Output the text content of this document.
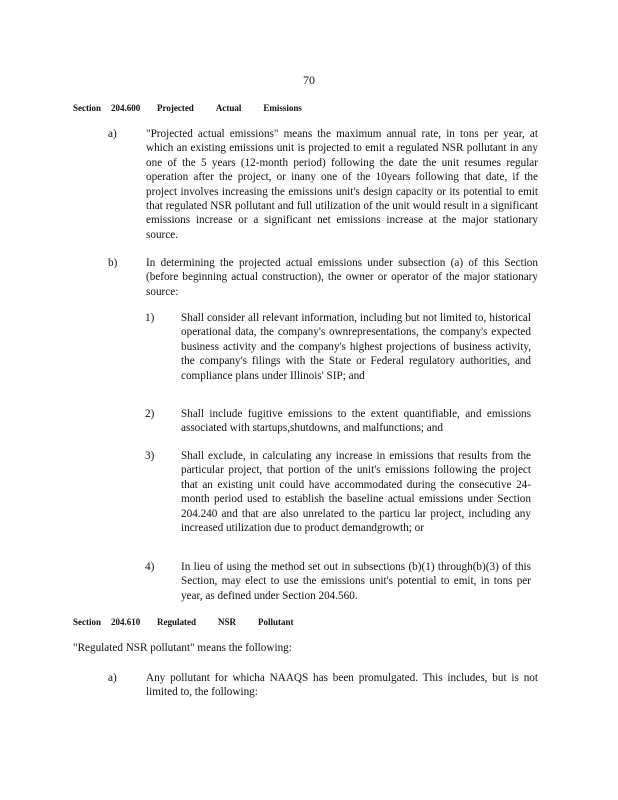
70
Section 204.600 Projected Actual Emissions
a)	"Projected actual emissions" means the maximum annual rate, in tons per year, at which an existing emissions unit is projected to emit a regulated NSR pollutant in any one of the 5 years (12-month period) following the date the unit resumes regular operation after the project, or inany one of the 10years following that date, if the project involves increasing the emissions unit's design capacity or its potential to emit that regulated NSR pollutant and full utilization of the unit would result in a significant emissions increase or a significant net emissions increase at the major stationary source.
b)	In determining the projected actual emissions under subsection (a) of this Section (before beginning actual construction), the owner or operator of the major stationary source:
1) Shall consider all relevant information, including but not limited to, historical operational data, the company's ownrepresentations, the company's expected business activity and the company's highest projections of business activity, the company's filings with the State or Federal regulatory authorities, and compliance plans under Illinois' SIP; and
2) Shall include fugitive emissions to the extent quantifiable, and emissions associated with startups,shutdowns, and malfunctions; and
3) Shall exclude, in calculating any increase in emissions that results from the particular project, that portion of the unit's emissions following the project that an existing unit could have accommodated during the consecutive 24-month period used to establish the baseline actual emissions under Section 204.240 and that are also unrelated to the particu lar project, including any increased utilization due to product demandgrowth; or
4) In lieu of using the method set out in subsections (b)(1) through(b)(3) of this Section, may elect to use the emissions unit's potential to emit, in tons per year, as defined under Section 204.560.
Section 204.610 Regulated NSR Pollutant
"Regulated NSR pollutant" means the following:
a)	Any pollutant for whicha NAAQS has been promulgated. This includes, but is not limited to, the following:
